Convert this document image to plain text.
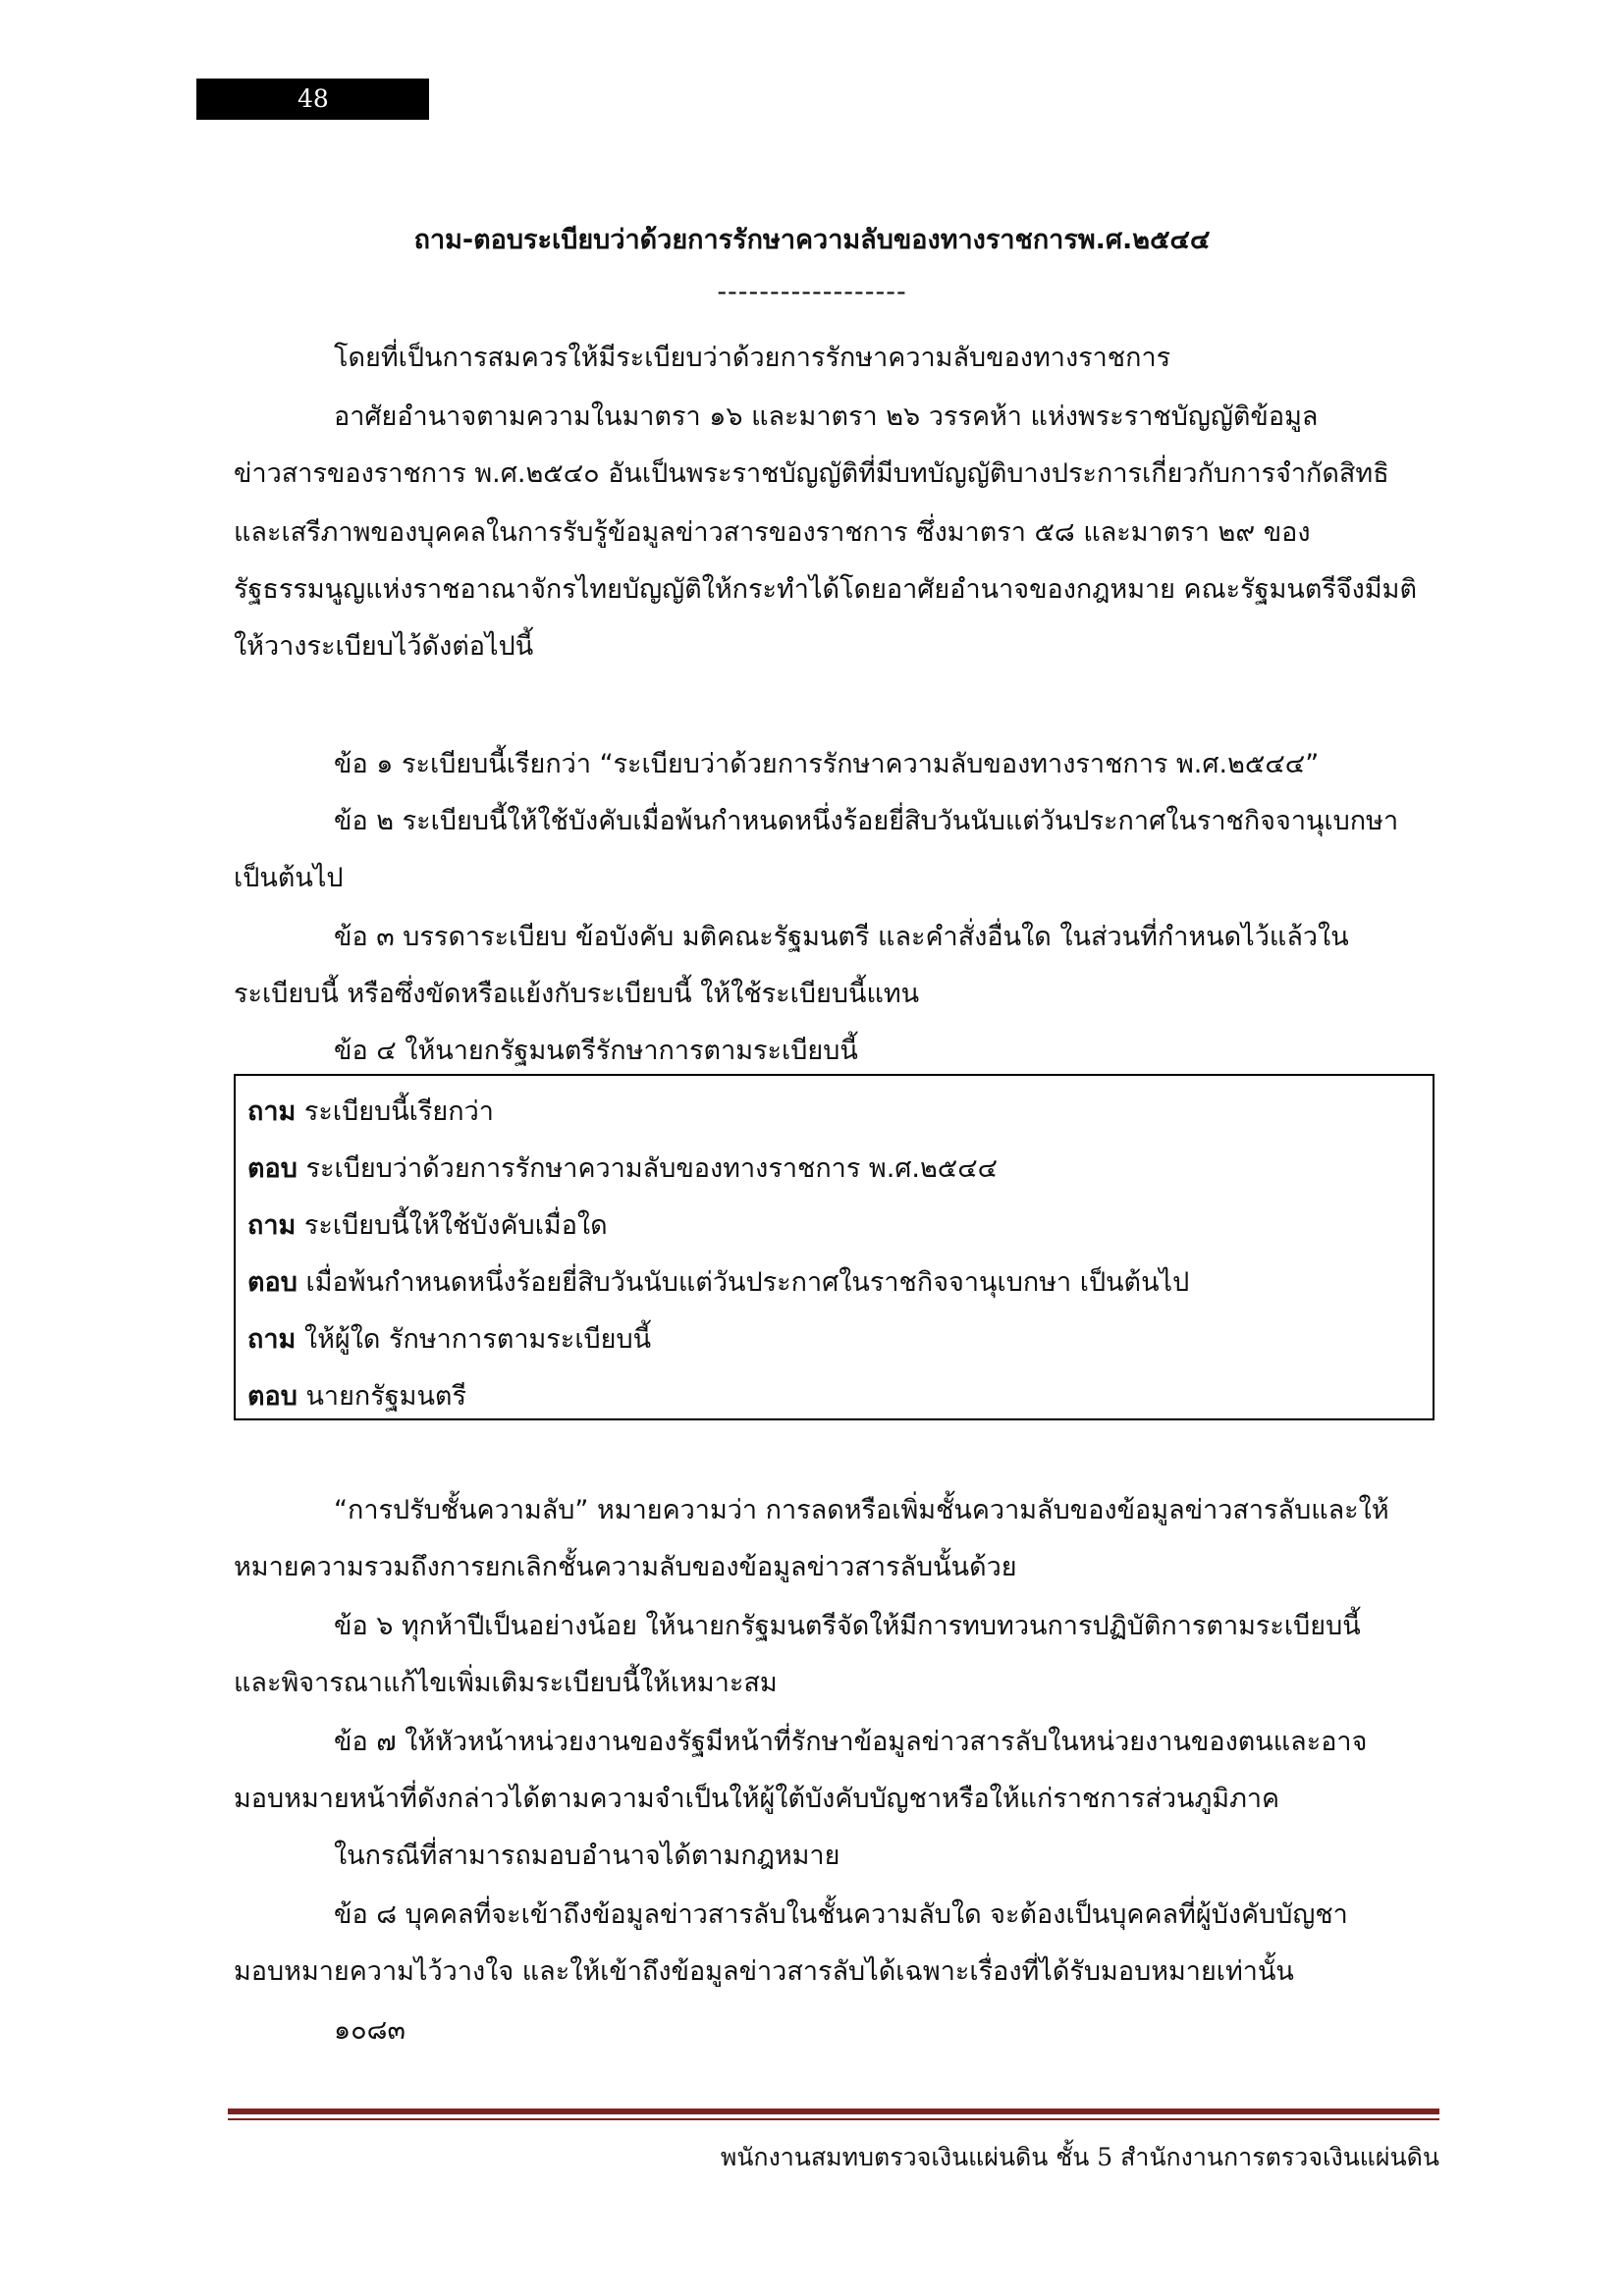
48
ถาม-ตอบระเบียบว่าด้วยการรักษาความลับของทางราชการพ.ศ.๒๕๔๔
------------------
โดยที่เป็นการสมควรให้มีระเบียบว่าด้วยการรักษาความลับของทางราชการ
อาศัยอำนาจตามความในมาตรา ๑๖ และมาตรา ๒๖ วรรคห้า แห่งพระราชบัญญัติข้อมูล
ข่าวสารของราชการ พ.ศ.๒๕๔๐ อันเป็นพระราชบัญญัติที่มีบทบัญญัติบางประการเกี่ยวกับการจำกัดสิทธิ
และเสรีภาพของบุคคลในการรับรู้ข้อมูลข่าวสารของราชการ ซึ่งมาตรา ๕๘ และมาตรา ๒๙ ของ
รัฐธรรมนูญแห่งราชอาณาจักรไทยบัญญัติให้กระทำได้โดยอาศัยอำนาจของกฎหมาย คณะรัฐมนตรีจึงมีมติ
ให้วางระเบียบไว้ดังต่อไปนี้
ข้อ ๑ ระเบียบนี้เรียกว่า “ระเบียบว่าด้วยการรักษาความลับของทางราชการ พ.ศ.๒๕๔๔”
ข้อ ๒ ระเบียบนี้ให้ใช้บังคับเมื่อพ้นกำหนดหนึ่งร้อยยี่สิบวันนับแต่วันประกาศในราชกิจจานุเบกษา
เป็นต้นไป
ข้อ ๓ บรรดาระเบียบ ข้อบังคับ มติคณะรัฐมนตรี และคำสั่งอื่นใด ในส่วนที่กำหนดไว้แล้วใน
ระเบียบนี้ หรือซึ่งขัดหรือแย้งกับระเบียบนี้ ให้ใช้ระเบียบนี้แทน
ข้อ ๔ ให้นายกรัฐมนตรีรักษาการตามระเบียบนี้
ถาม ระเบียบนี้เรียกว่า
ตอบ ระเบียบว่าด้วยการรักษาความลับของทางราชการ พ.ศ.๒๕๔๔
ถาม ระเบียบนี้ให้ใช้บังคับเมื่อใด
ตอบ เมื่อพ้นกำหนดหนึ่งร้อยยี่สิบวันนับแต่วันประกาศในราชกิจจานุเบกษา เป็นต้นไป
ถาม ให้ผู้ใด รักษาการตามระเบียบนี้
ตอบ นายกรัฐมนตรี
“การปรับชั้นความลับ” หมายความว่า การลดหรือเพิ่มชั้นความลับของข้อมูลข่าวสารลับและให้
หมายความรวมถึงการยกเลิกชั้นความลับของข้อมูลข่าวสารลับนั้นด้วย
ข้อ ๖ ทุกห้าปีเป็นอย่างน้อย ให้นายกรัฐมนตรีจัดให้มีการทบทวนการปฏิบัติการตามระเบียบนี้
และพิจารณาแก้ไขเพิ่มเติมระเบียบนี้ให้เหมาะสม
ข้อ ๗ ให้หัวหน้าหน่วยงานของรัฐมีหน้าที่รักษาข้อมูลข่าวสารลับในหน่วยงานของตนและอาจ
มอบหมายหน้าที่ดังกล่าวได้ตามความจำเป็นให้ผู้ใต้บังคับบัญชาหรือให้แก่ราชการส่วนภูมิภาค
ในกรณีที่สามารถมอบอำนาจได้ตามกฎหมาย
ข้อ ๘ บุคคลที่จะเข้าถึงข้อมูลข่าวสารลับในชั้นความลับใด จะต้องเป็นบุคคลที่ผู้บังคับบัญชา
มอบหมายความไว้วางใจ และให้เข้าถึงข้อมูลข่าวสารลับได้เฉพาะเรื่องที่ได้รับมอบหมายเท่านั้น
๑๐๘๓
พนักงานสมทบตรวจเงินแผ่นดิน ชั้น 5 สำนักงานการตรวจเงินแผ่นดิน
